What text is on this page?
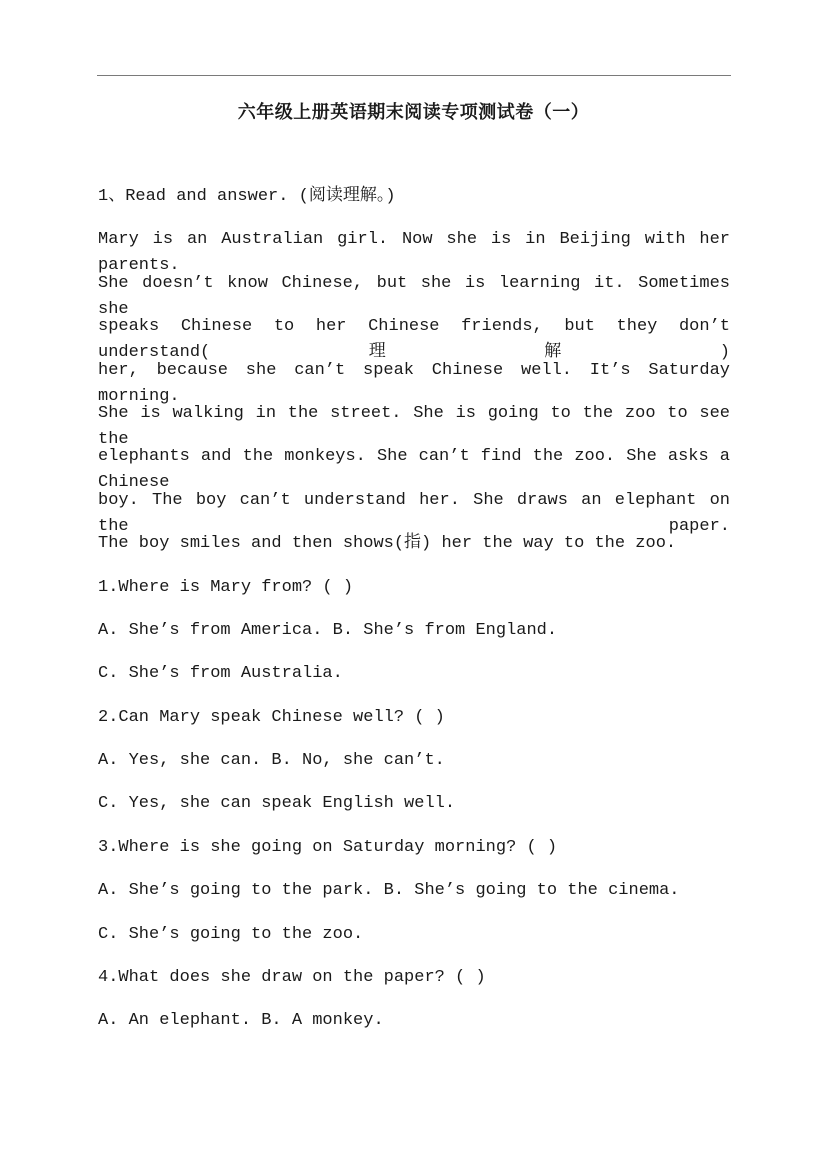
六年级上册英语期末阅读专项测试卷（一）
1、Read and answer. (阅读理解。)
Mary is an Australian girl. Now she is in Beijing with her parents.
She doesn’t know Chinese, but she is learning it. Sometimes she
speaks Chinese to her Chinese friends, but they don’t understand(理解)
her, because she can’t speak Chinese well. It’s Saturday morning.
She is walking in the street. She is going to the zoo to see the
elephants and the monkeys. She can’t find the zoo. She asks a Chinese
boy. The boy can’t understand her. She draws an elephant on the paper.
The boy smiles and then shows(指) her the way to the zoo.
1.Where is Mary from? ( )
A. She’s from America. B. She’s from England.
C. She’s from Australia.
2.Can Mary speak Chinese well? ( )
A. Yes, she can. B. No, she can’t.
C. Yes, she can speak English well.
3.Where is she going on Saturday morning? ( )
A. She’s going to the park. B. She’s going to the cinema.
C. She’s going to the zoo.
4.What does she draw on the paper? ( )
A. An elephant. B. A monkey.
